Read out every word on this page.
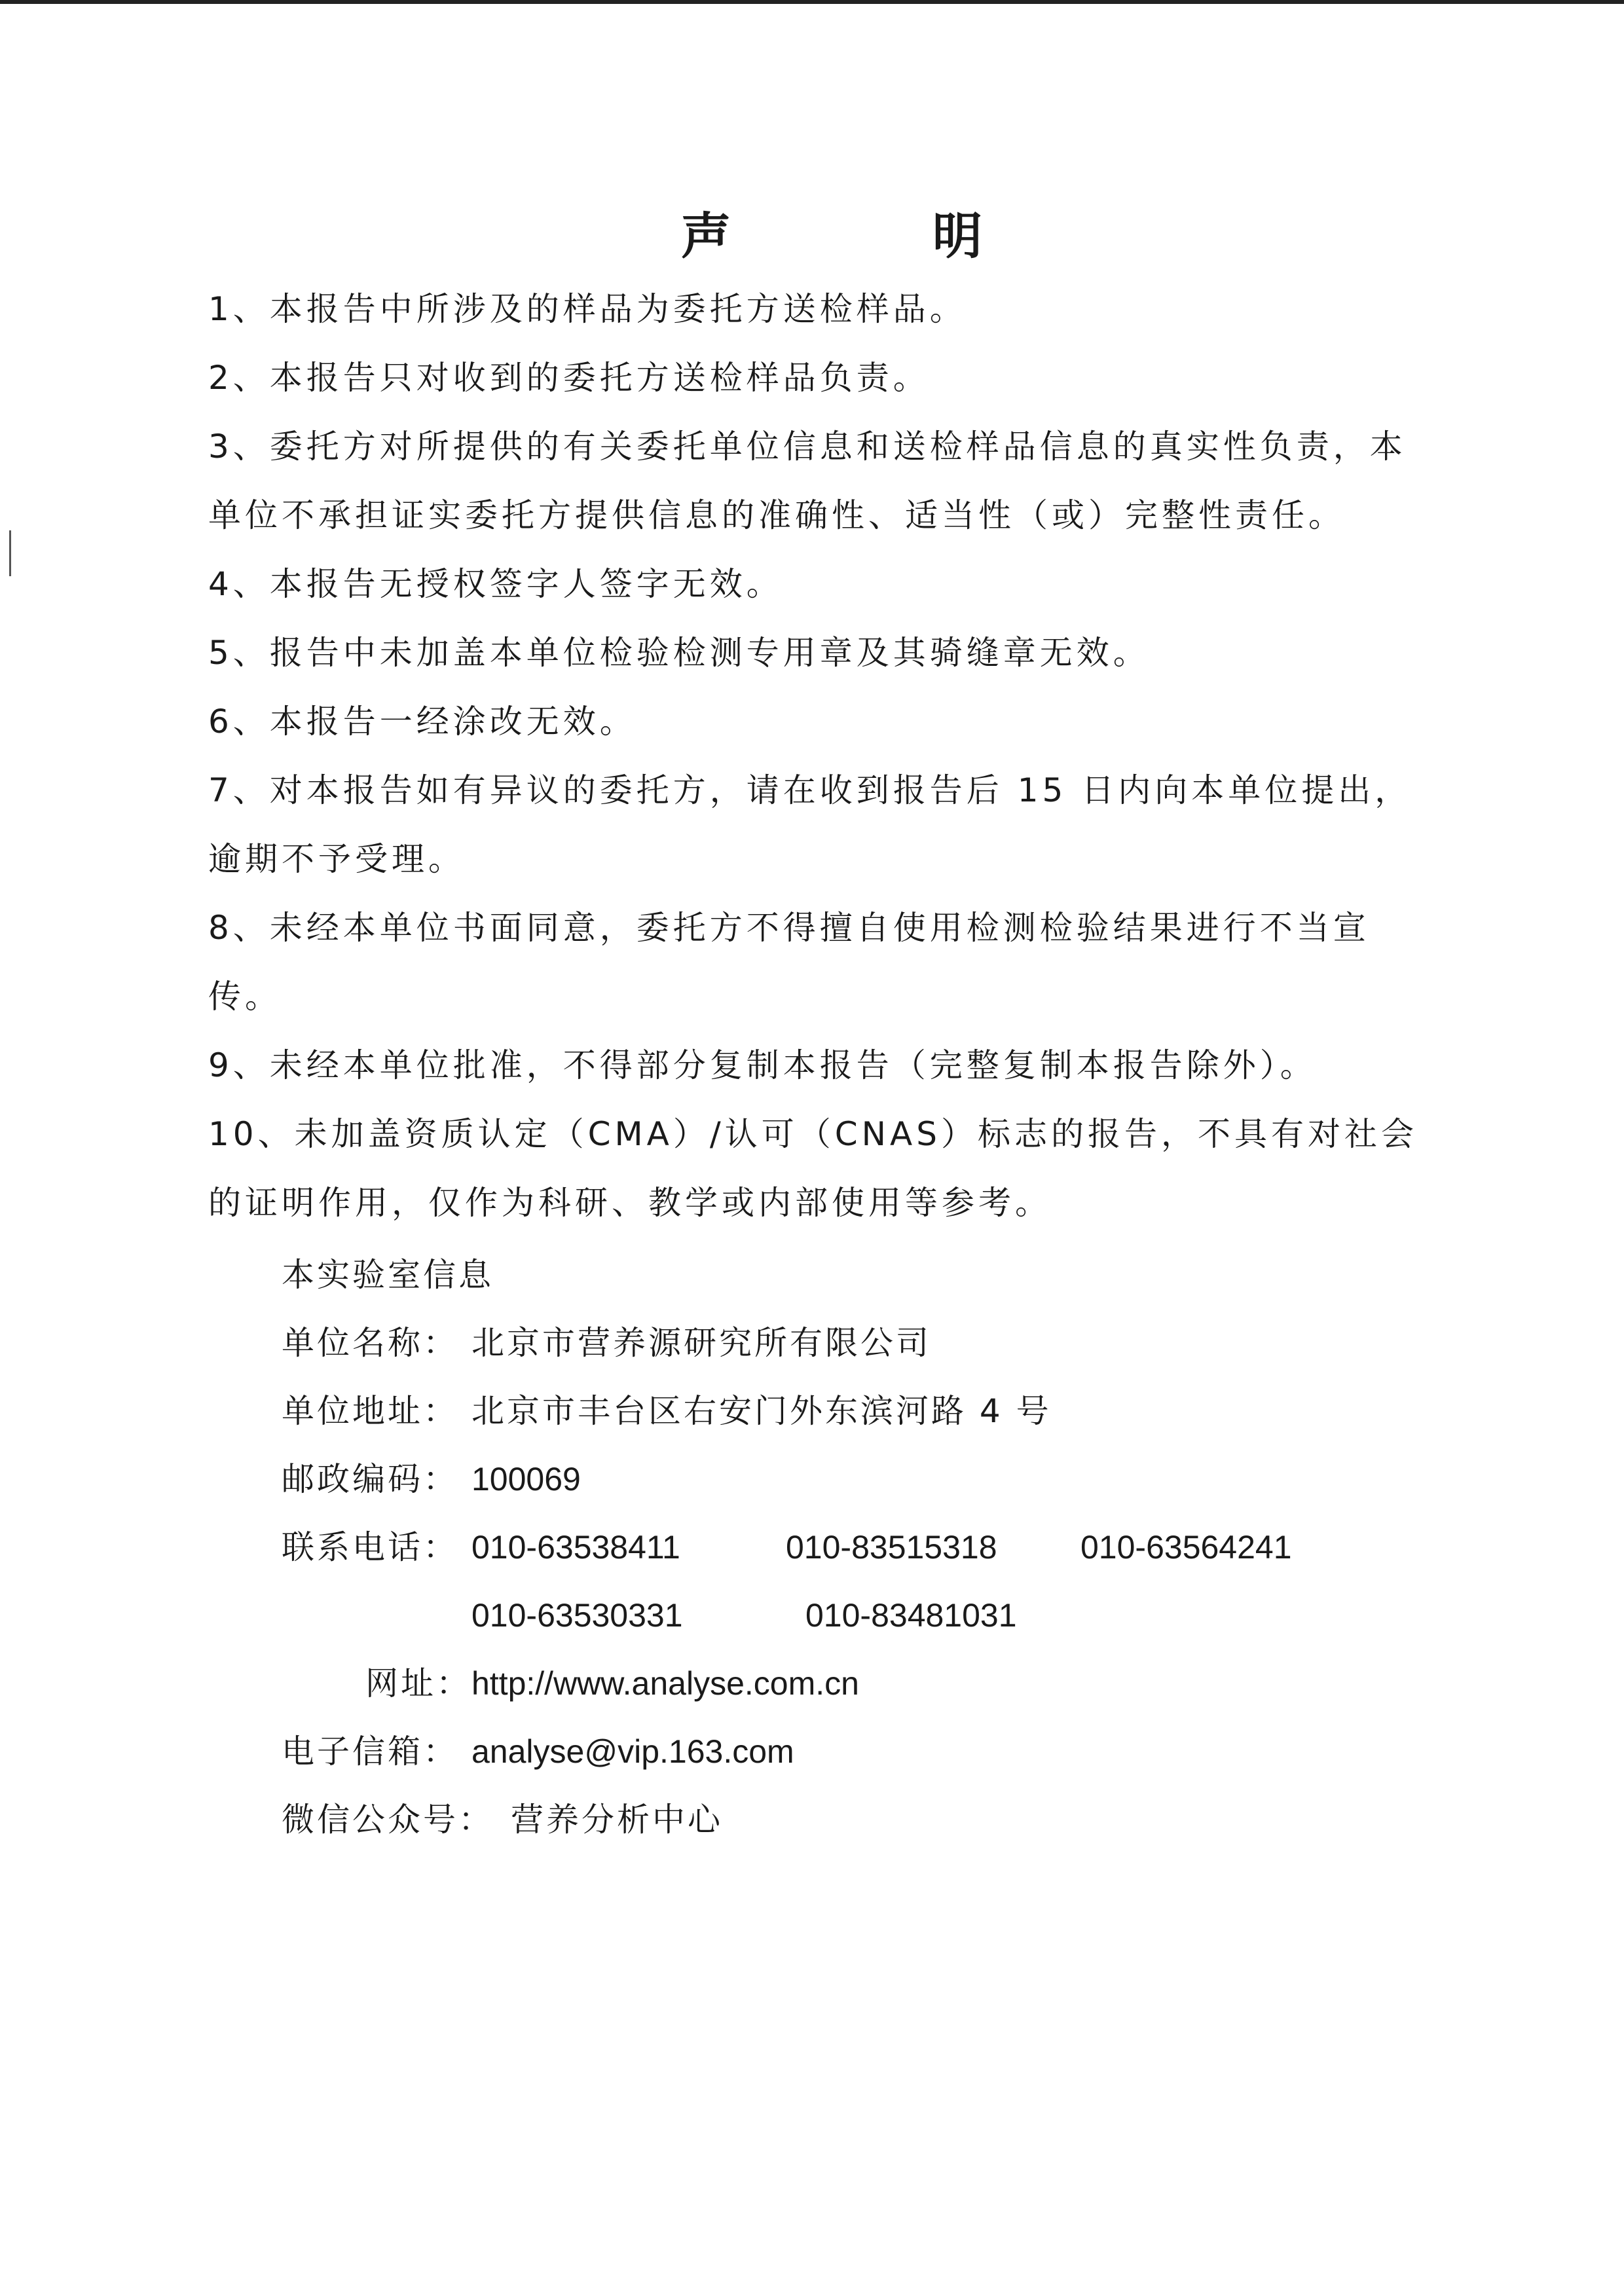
声	明
1、本报告中所涉及的样品为委托方送检样品。
2、本报告只对收到的委托方送检样品负责。
3、委托方对所提供的有关委托单位信息和送检样品信息的真实性负责，本单位不承担证实委托方提供信息的准确性、适当性（或）完整性责任。
4、本报告无授权签字人签字无效。
5、报告中未加盖本单位检验检测专用章及其骑缝章无效。
6、本报告一经涂改无效。
7、对本报告如有异议的委托方，请在收到报告后 15 日内向本单位提出，逾期不予受理。
8、未经本单位书面同意，委托方不得擅自使用检测检验结果进行不当宣传。
9、未经本单位批准，不得部分复制本报告（完整复制本报告除外）。
10、未加盖资质认定（CMA）/认可（CNAS）标志的报告，不具有对社会的证明作用，仅作为科研、教学或内部使用等参考。
本实验室信息
单位名称： 北京市营养源研究所有限公司
单位地址： 北京市丰台区右安门外东滨河路 4 号
邮政编码： 100069
联系电话： 010-63538411	010-83515318	010-63564241
010-63530331	010-83481031
网址： http://www.analyse.com.cn
电子信箱： analyse@vip.163.com
微信公众号： 营养分析中心
